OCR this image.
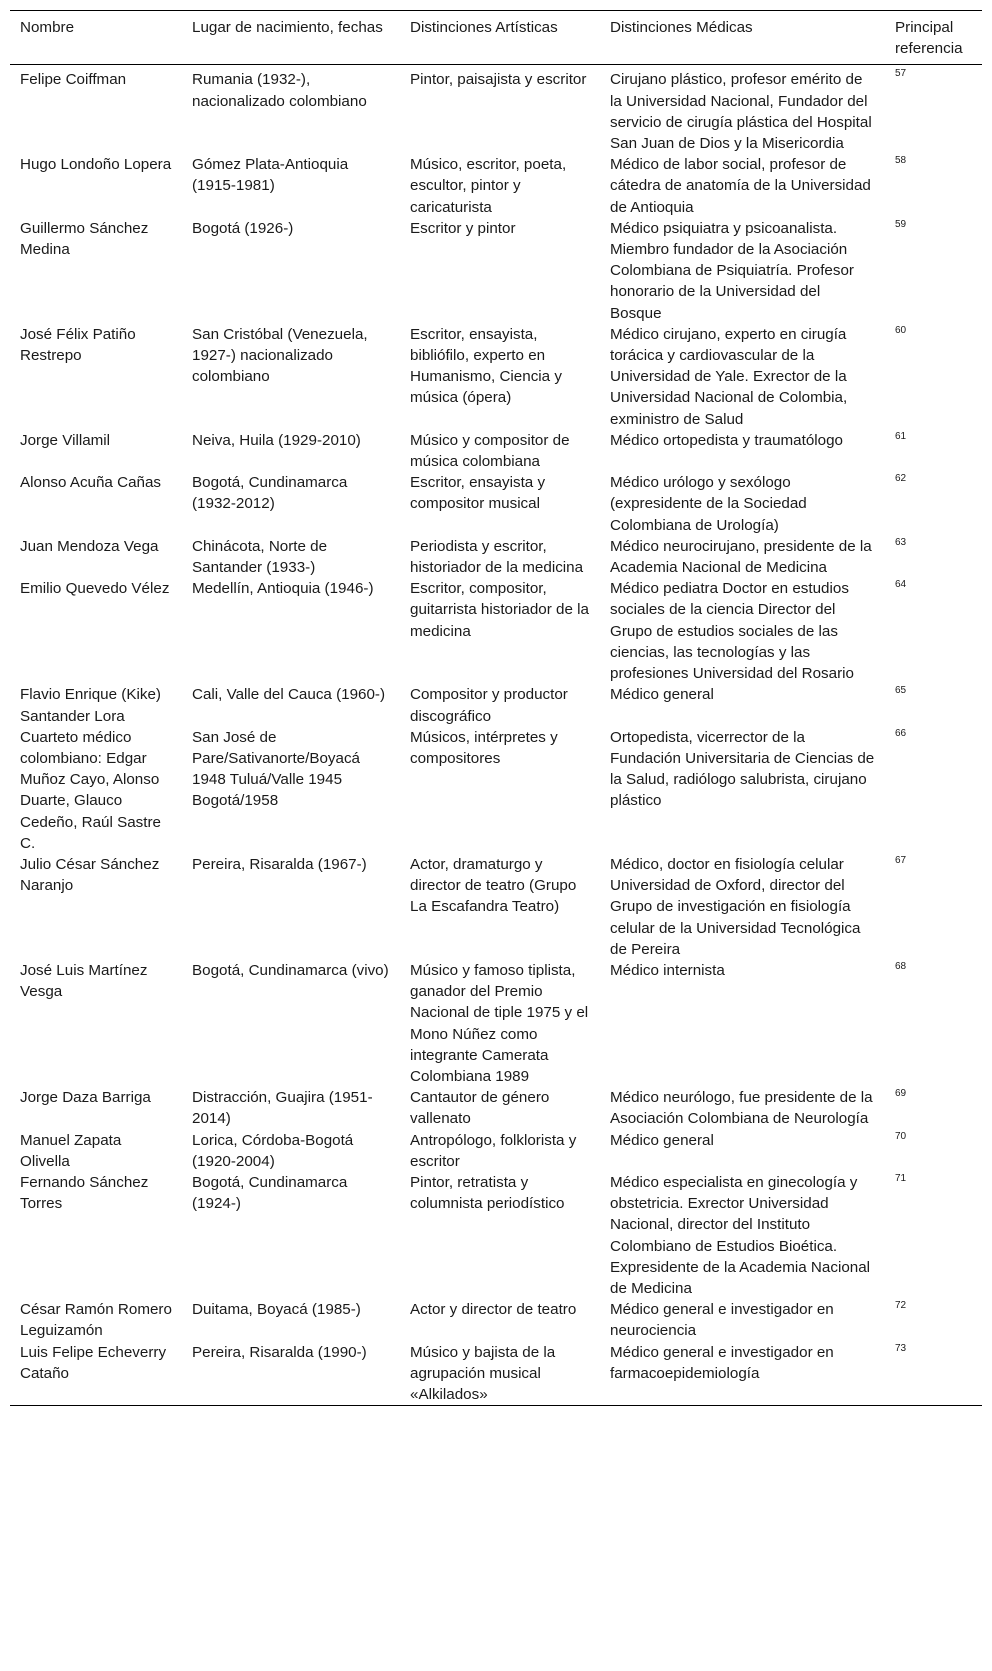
Nombre	Lugar de nacimiento, fechas	Distinciones Artísticas	Distinciones Médicas	Principal referencia
Felipe Coiffman	Rumania (1932-), nacionalizado colombiano	Pintor, paisajista y escritor	Cirujano plástico, profesor emérito de la Universidad Nacional, Fundador del servicio de cirugía plástica del Hospital San Juan de Dios y la Misericordia	57
Hugo Londoño Lopera	Gómez Plata-Antioquia (1915-1981)	Músico, escritor, poeta, escultor, pintor y caricaturista	Médico de labor social, profesor de cátedra de anatomía de la Universidad de Antioquia	58
Guillermo Sánchez Medina	Bogotá (1926-)	Escritor y pintor	Médico psiquiatra y psicoanalista. Miembro fundador de la Asociación Colombiana de Psiquiatría. Profesor honorario de la Universidad del Bosque	59
José Félix Patiño Restrepo	San Cristóbal (Venezuela, 1927-) nacionalizado colombiano	Escritor, ensayista, bibliófilo, experto en Humanismo, Ciencia y música (ópera)	Médico cirujano, experto en cirugía torácica y cardiovascular de la Universidad de Yale. Exrector de la Universidad Nacional de Colombia, exministro de Salud	60
Jorge Villamil	Neiva, Huila (1929-2010)	Músico y compositor de música colombiana	Médico ortopedista y traumatólogo	61
Alonso Acuña Cañas	Bogotá, Cundinamarca (1932-2012)	Escritor, ensayista y compositor musical	Médico urólogo y sexólogo (expresidente de la Sociedad Colombiana de Urología)	62
Juan Mendoza Vega	Chinácota, Norte de Santander (1933-)	Periodista y escritor, historiador de la medicina	Médico neurocirujano, presidente de la Academia Nacional de Medicina	63
Emilio Quevedo Vélez	Medellín, Antioquia (1946-)	Escritor, compositor, guitarrista historiador de la medicina	Médico pediatra Doctor en estudios sociales de la ciencia Director del Grupo de estudios sociales de las ciencias, las tecnologías y las profesiones Universidad del Rosario	64
Flavio Enrique (Kike) Santander Lora	Cali, Valle del Cauca (1960-)	Compositor y productor discográfico	Médico general	65
Cuarteto médico colombiano: Edgar Muñoz Cayo, Alonso Duarte, Glauco Cedeño, Raúl Sastre C.	San José de Pare/Sativanorte/Boyacá 1948 Tuluá/Valle 1945 Bogotá/1958	Músicos, intérpretes y compositores	Ortopedista, vicerrector de la Fundación Universitaria de Ciencias de la Salud, radiólogo salubrista, cirujano plástico	66
Julio César Sánchez Naranjo	Pereira, Risaralda (1967-)	Actor, dramaturgo y director de teatro (Grupo La Escafandra Teatro)	Médico, doctor en fisiología celular Universidad de Oxford, director del Grupo de investigación en fisiología celular de la Universidad Tecnológica de Pereira	67
José Luis Martínez Vesga	Bogotá, Cundinamarca (vivo)	Músico y famoso tiplista, ganador del Premio Nacional de tiple 1975 y el Mono Núñez como integrante Camerata Colombiana 1989	Médico internista	68
Jorge Daza Barriga	Distracción, Guajira (1951-2014)	Cantautor de género vallenato	Médico neurólogo, fue presidente de la Asociación Colombiana de Neurología	69
Manuel Zapata Olivella	Lorica, Córdoba-Bogotá (1920-2004)	Antropólogo, folklorista y escritor	Médico general	70
Fernando Sánchez Torres	Bogotá, Cundinamarca (1924-)	Pintor, retratista y columnista periodístico	Médico especialista en ginecología y obstetricia. Exrector Universidad Nacional, director del Instituto Colombiano de Estudios Bioética. Expresidente de la Academia Nacional de Medicina	71
César Ramón Romero Leguizamón	Duitama, Boyacá (1985-)	Actor y director de teatro	Médico general e investigador en neurociencia	72
Luis Felipe Echeverry Cataño	Pereira, Risaralda (1990-)	Músico y bajista de la agrupación musical «Alkilados»	Médico general e investigador en farmacoepidemiología	73
